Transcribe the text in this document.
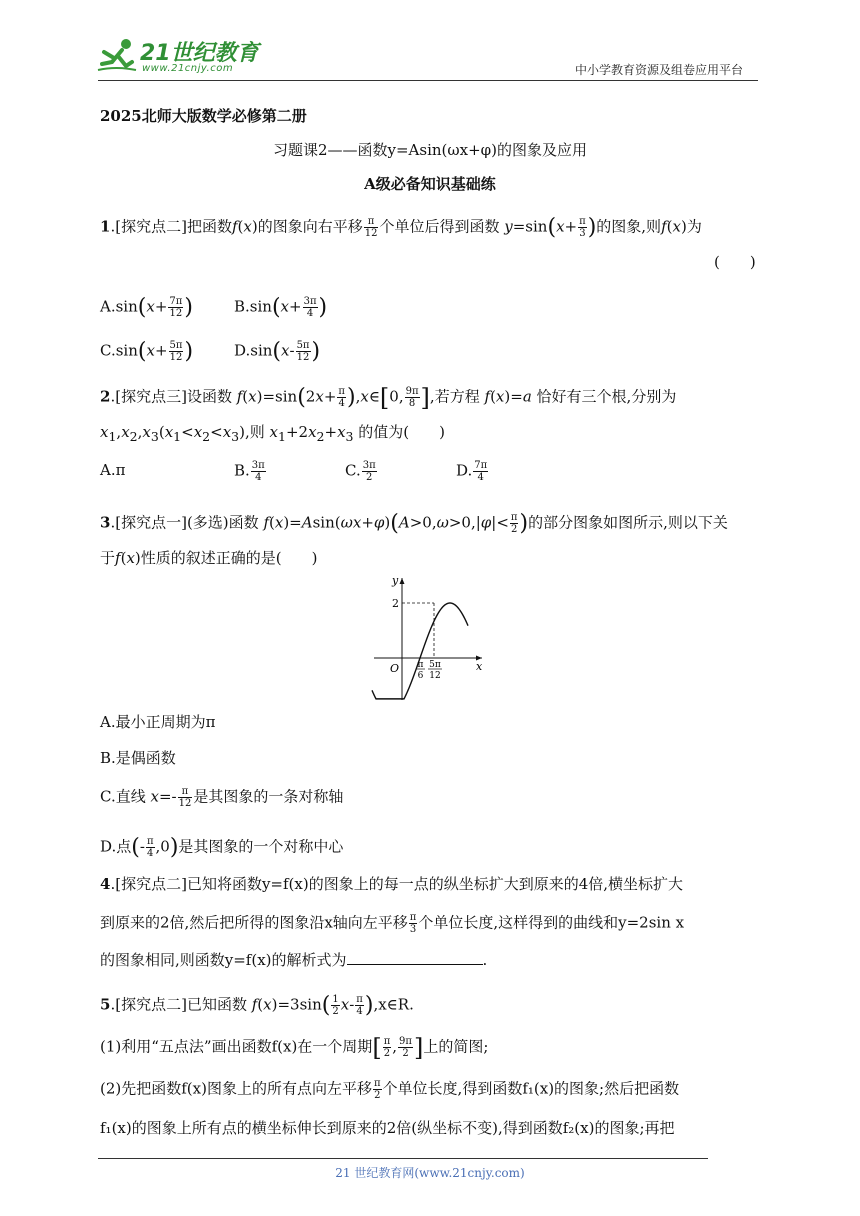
21世纪教育
www.21cnjy.com	中小学教育资源及组卷应用平台
2025北师大版数学必修第二册
习题课2——函数y=Asin(ωx+φ)的图象及应用
A级必备知识基础练
1.[探究点二]把函数f(x)的图象向右平移 $\frac{\pi}{12}$ 个单位后得到函数 $y=\sin(x+ \frac{\pi}{3}$ )的图象,则f(x)为
(　　)
$A.\sin(x+ \frac{7\pi}{12}$ )	$B.\sin(x+ \frac{3\pi}{4}$ )
$C.\sin(x+ \frac{5\pi}{12}$ )	$D.\sin(x- \frac{5\pi}{12}$ )
2.[探究点三]设函数 $f(x)=\sin(2x+ \frac{\pi}{4}$ ),x∈[0, $\frac{9\pi}{8}$ ],若方程 f(x)=a 恰好有三个根,分别为
$x_1,x_2,x_3(x_1<x_2<x_3)$,则 $x_1+2x_2+x_3$ 的值为(　　)
A.π	B. $\frac{3\pi}{4}$	C. $\frac{3\pi}{2}$	D. $\frac{7\pi}{4}$
3.[探究点一](多选)函数 $f(x)=Asin(\omega x+\varphi)(A>0,\omega>0,|\varphi|< \frac{\pi}{2}$ )的部分图象如图所示,则以下关
于f(x)性质的叙述正确的是(　　)
y
x
O
2
π
6
5π
12
A.最小正周期为π
B.是偶函数
C.直线 $x=- \frac{\pi}{12}$ 是其图象的一条对称轴
D.点(- $\frac{\pi}{4} ,0$)是其图象的一个对称中心
4.[探究点二]已知将函数y=f(x)的图象上的每一点的纵坐标扩大到原来的4倍,横坐标扩大
到原来的2倍,然后把所得的图象沿x轴向左平移 $\frac{\pi}{3}$ 个单位长度,这样得到的曲线和y=2sin x
的图象相同,则函数y=f(x)的解析式为	.
5.[探究点二]已知函数 $f(x)=3\sin( \frac{1}{2} x- \frac{\pi}{4}$ ),x∈R.
(1)利用“五点法”画出函数f(x)在一个周期[ $\frac{\pi}{2}$ , $\frac{9\pi}{2}$ ]上的简图;
(2)先把函数f(x)图象上的所有点向左平移 $\frac{\pi}{2}$ 个单位长度,得到函数f₁(x)的图象;然后把函数
f₁(x)的图象上所有点的横坐标伸长到原来的2倍(纵坐标不变),得到函数f₂(x)的图象;再把
21 世纪教育网(www.21cnjy.com)
